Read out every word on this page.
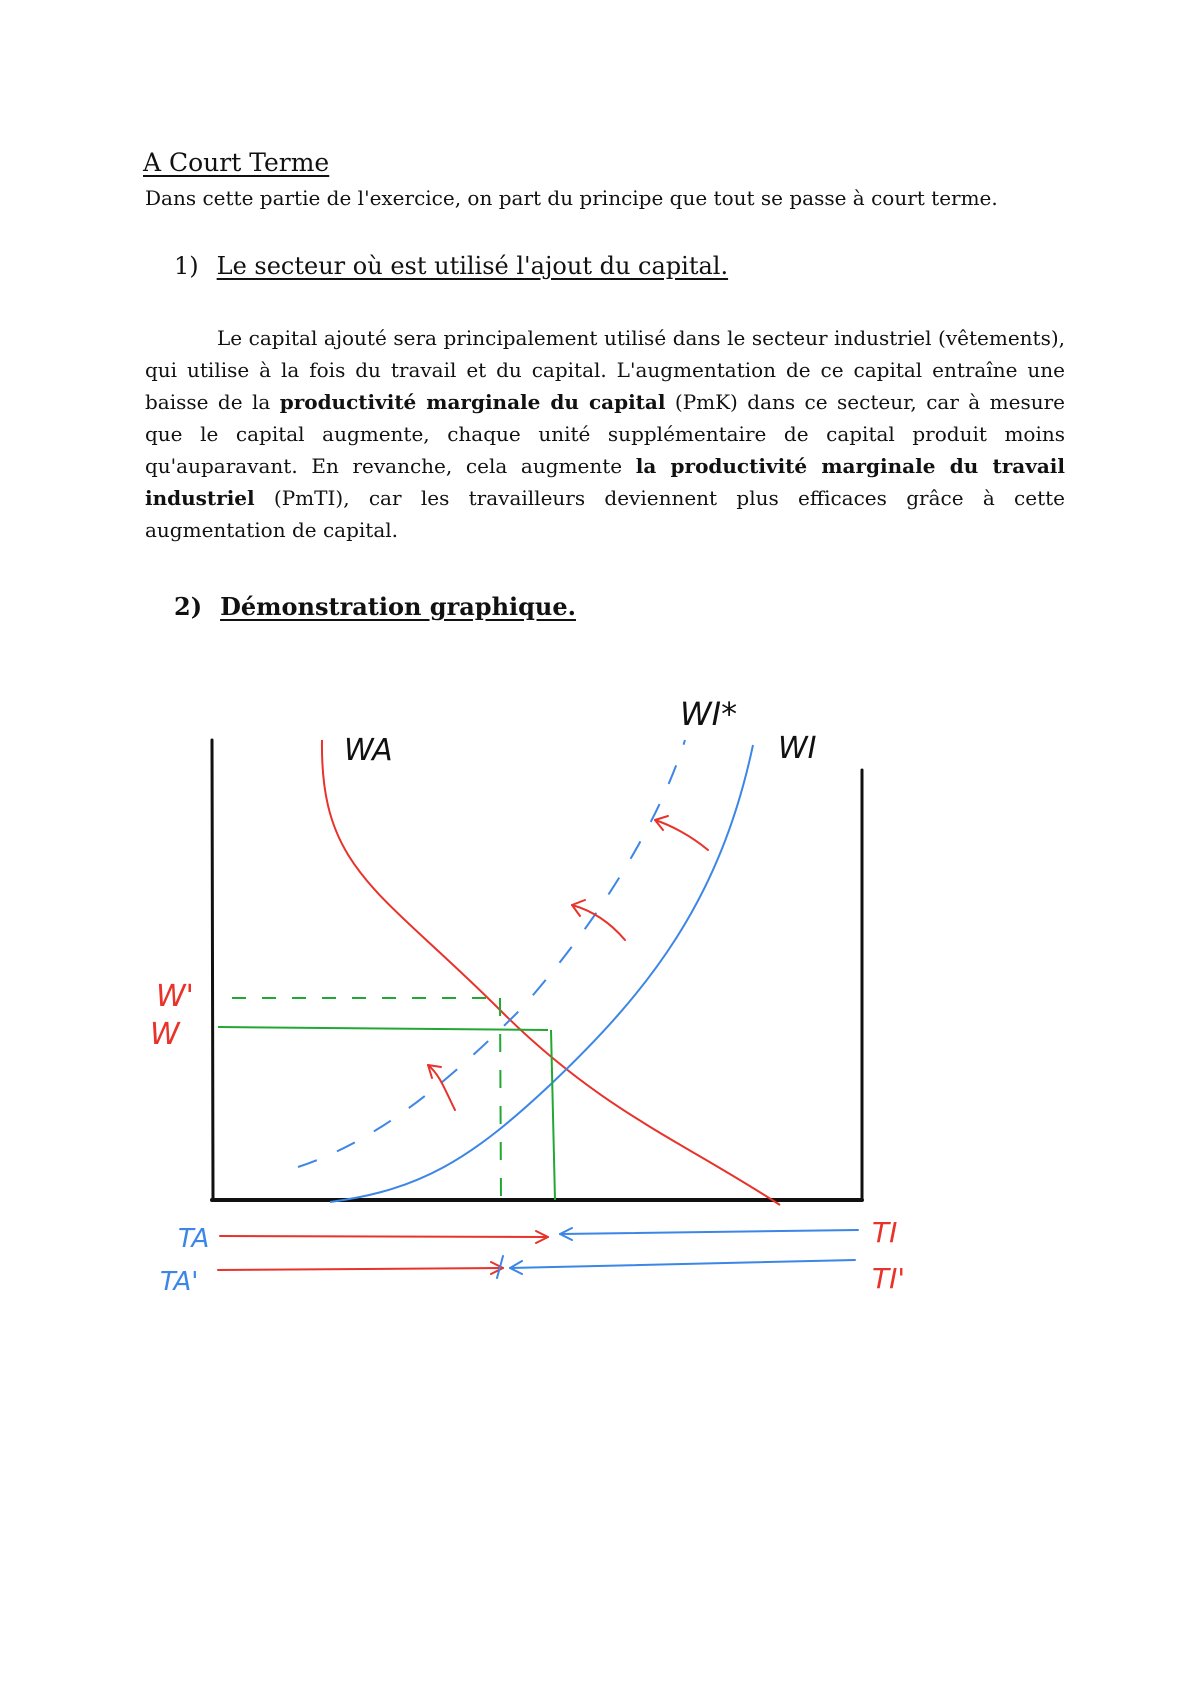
A Court Terme

Dans cette partie de l'exercice, on part du principe que tout se passe à court terme.

1) Le secteur où est utilisé l'ajout du capital.

Le capital ajouté sera principalement utilisé dans le secteur industriel (vêtements), qui utilise à la fois du travail et du capital. L'augmentation de ce capital entraîne une baisse de la productivité marginale du capital (PmK) dans ce secteur, car à mesure que le capital augmente, chaque unité supplémentaire de capital produit moins qu'auparavant. En revanche, cela augmente la productivité marginale du travail industriel (PmTI), car les travailleurs deviennent plus efficaces grâce à cette augmentation de capital.

2) Démonstration graphique.
WA	WI
WI*
W'
W
TA
TA'
TI
TI'
